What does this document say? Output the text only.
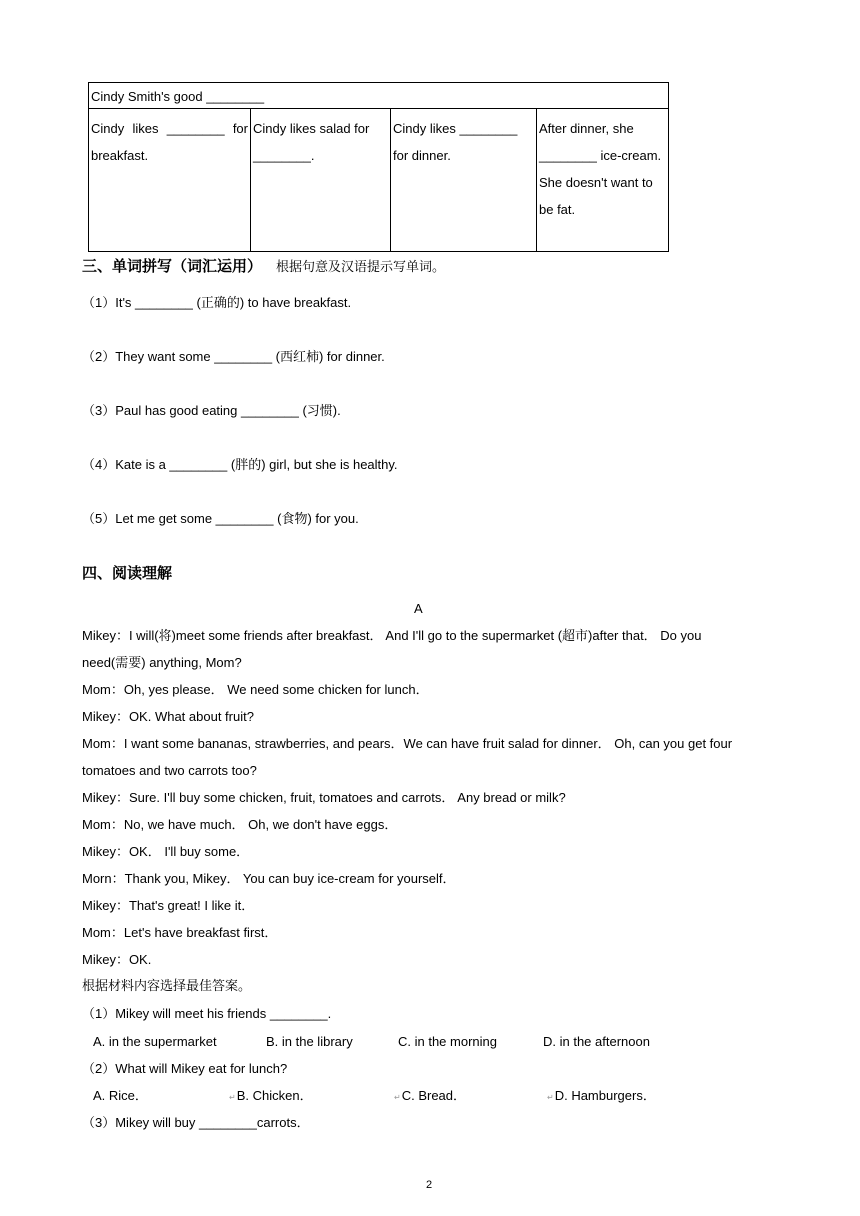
Cindy Smith's good ________
Cindy likes ________ for breakfast.	Cindy likes salad for ________.	Cindy likes ________ for dinner.	After dinner, she ________ ice-cream. She doesn't want to be fat.
三、单词拼写（词汇运用） 根据句意及汉语提示写单词。
（1）It's ________ (正确的) to have breakfast.
（2）They want some ________ (西红柿) for dinner.
（3）Paul has good eating ________ (习惯).
（4）Kate is a ________ (胖的) girl, but she is healthy.
（5）Let me get some ________ (食物) for you.
四、阅读理解
A
Mikey：I will(将)meet some friends after breakfast． And I'll go to the supermarket (超市)after that． Do you
need(需要) anything, Mom?
Mom：Oh, yes please． We need some chicken for lunch．
Mikey：OK. What about fruit?
Mom：I want some bananas, strawberries, and pears．We can have fruit salad for dinner． Oh, can you get four
tomatoes and two carrots too?
Mikey：Sure. I'll buy some chicken, fruit, tomatoes and carrots． Any bread or milk?
Mom：No, we have much． Oh, we don't have eggs．
Mikey：OK． I'll buy some．
Morn：Thank you, Mikey． You can buy ice-cream for yourself．
Mikey：That's great! I like it．
Mom：Let's have breakfast first．
Mikey：OK.
根据材料内容选择最佳答案。
（1）Mikey will meet his friends ________.
A. in the supermarket	B. in the library	C. in the morning	D. in the afternoon
（2）What will Mikey eat for lunch?
A. Rice．	↵B. Chicken．	↵C. Bread．	↵D. Hamburgers．
（3）Mikey will buy ________carrots．
2
